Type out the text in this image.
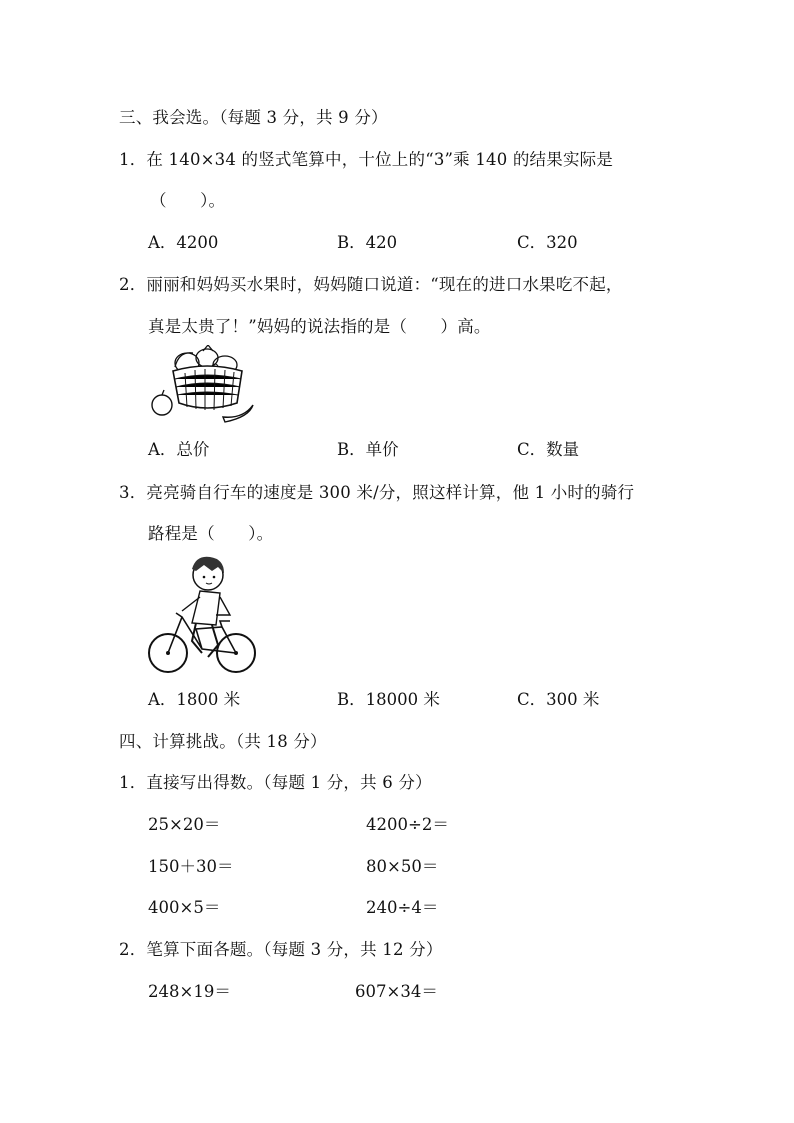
三、我会选。（每题 3 分，共 9 分）
1．在 140×34 的竖式笔算中，十位上的“3”乘 140 的结果实际是
（　　）。
A．4200	B．420	C．320
2．丽丽和妈妈买水果时，妈妈随口说道：“现在的进口水果吃不起，
真是太贵了！”妈妈的说法指的是（　　）高。
A．总价	B．单价	C．数量
3．亮亮骑自行车的速度是 300 米/分，照这样计算，他 1 小时的骑行
路程是（　　）。
A．1800 米	B．18000 米	C．300 米
四、计算挑战。（共 18 分）
1．直接写出得数。（每题 1 分，共 6 分）
25×20＝	4200÷2＝
150＋30＝	80×50＝
400×5＝	240÷4＝
2．笔算下面各题。（每题 3 分，共 12 分）
248×19＝	607×34＝
